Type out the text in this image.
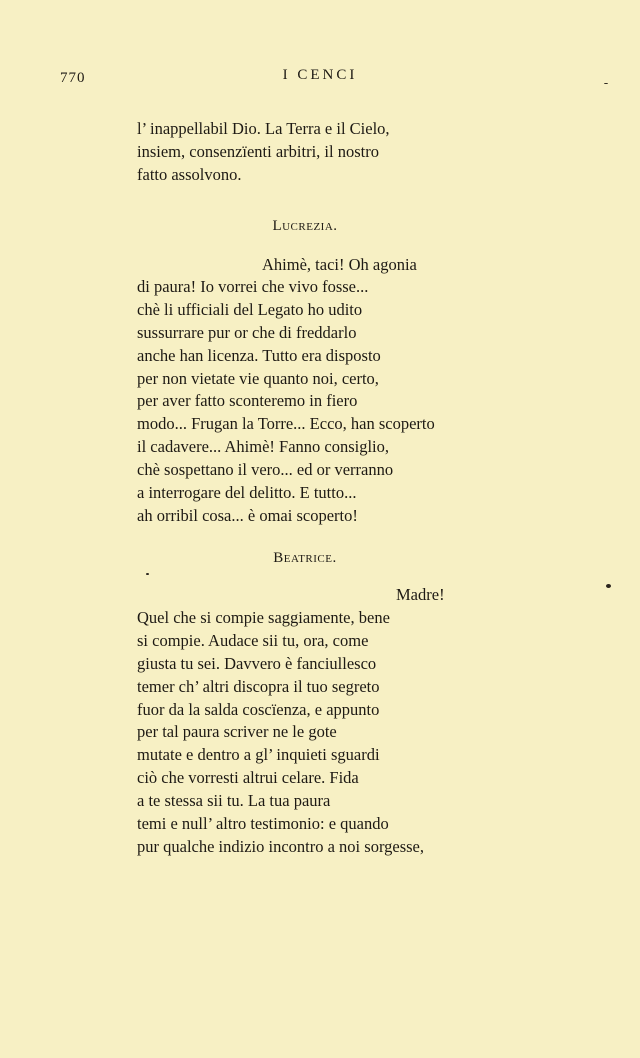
770	I CENCI
l’ inappellabil Dio. La Terra e il Cielo,
insiem, consenzïenti arbitri, il nostro
fatto assolvono.
Lucrezia.
Ahimè, taci! Oh agonia
di paura! Io vorrei che vivo fosse...
chè li ufficiali del Legato ho udito
sussurrare pur or che di freddarlo
anche han licenza. Tutto era disposto
per non vietate vie quanto noi, certo,
per aver fatto sconteremo in fiero
modo... Frugan la Torre... Ecco, han scoperto
il cadavere... Ahimè! Fanno consiglio,
chè sospettano il vero... ed or verranno
a interrogare del delitto. E tutto...
ah orribil cosa... è omai scoperto!
Beatrice.
Madre!
Quel che si compie saggiamente, bene
si compie. Audace sii tu, ora, come
giusta tu sei. Davvero è fanciullesco
temer ch’ altri discopra il tuo segreto
fuor da la salda coscïenza, e appunto
per tal paura scriver ne le gote
mutate e dentro a gl’ inquieti sguardi
ciò che vorresti altrui celare. Fida
a te stessa sii tu. La tua paura
temi e null’ altro testimonio: e quando
pur qualche indizio incontro a noi sorgesse,
